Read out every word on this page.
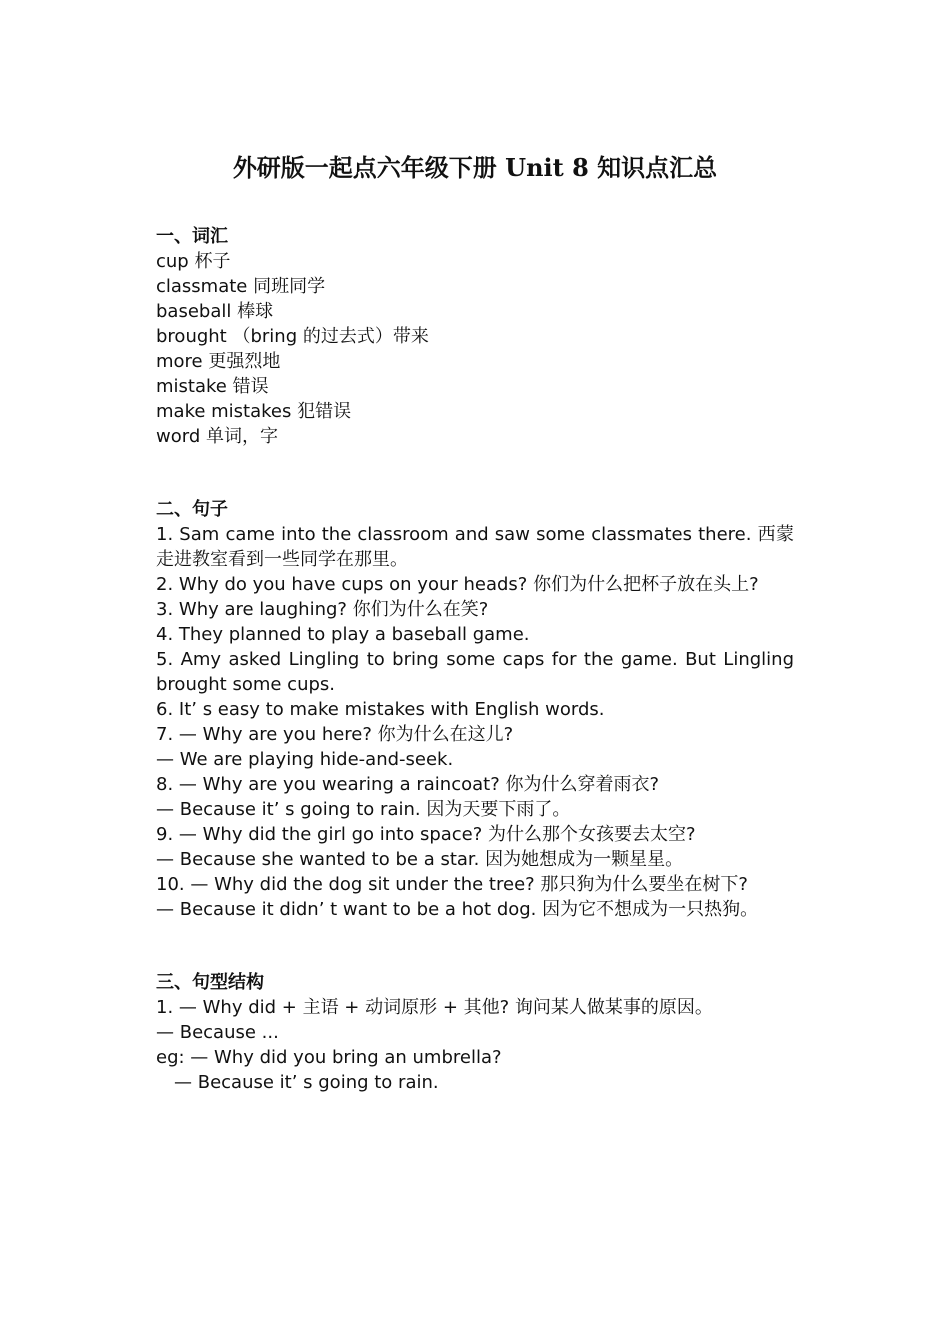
外研版一起点六年级下册 Unit 8 知识点汇总

一、词汇

cup 杯子

classmate 同班同学

baseball 棒球

brought （bring 的过去式）带来

more 更强烈地

mistake 错误

make mistakes 犯错误

word 单词，字

二、句子

1. Sam came into the classroom and saw some classmates there. 西蒙走进教室看到一些同学在那里。

2. Why do you have cups on your heads? 你们为什么把杯子放在头上?

3. Why are laughing? 你们为什么在笑?

4. They planned to play a baseball game.

5. Amy asked Lingling to bring some caps for the game. But Lingling brought some cups.

6. It’ s easy to make mistakes with English words.

7. — Why are you here? 你为什么在这儿?

— We are playing hide-and-seek.

8. — Why are you wearing a raincoat? 你为什么穿着雨衣?

— Because it’ s going to rain. 因为天要下雨了。

9. — Why did the girl go into space? 为什么那个女孩要去太空?

— Because she wanted to be a star. 因为她想成为一颗星星。

10. — Why did the dog sit under the tree? 那只狗为什么要坐在树下?

— Because it didn’ t want to be a hot dog. 因为它不想成为一只热狗。

三、句型结构

1. — Why did + 主语 + 动词原形 + 其他? 询问某人做某事的原因。

— Because ...

eg: — Why did you bring an umbrella?

— Because it’ s going to rain.
